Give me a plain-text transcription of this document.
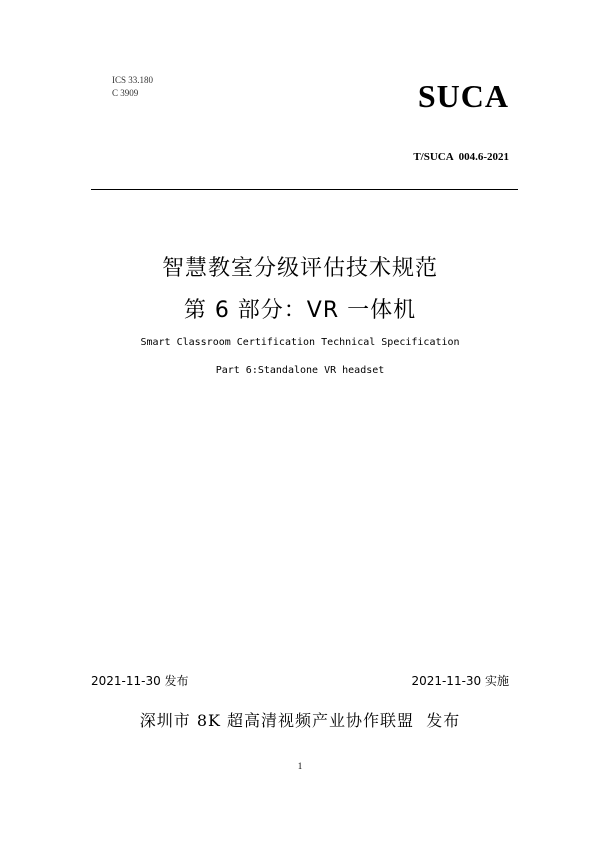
ICS 33.180
C 3909	SUCA
T/SUCA  004.6-2021
智慧教室分级评估技术规范
第 6 部分：VR 一体机
Smart Classroom Certification Technical Specification
Part 6:Standalone VR headset
2021-11-30 发布	2021-11-30 实施
深圳市 8K 超高清视频产业协作联盟  发布
1
